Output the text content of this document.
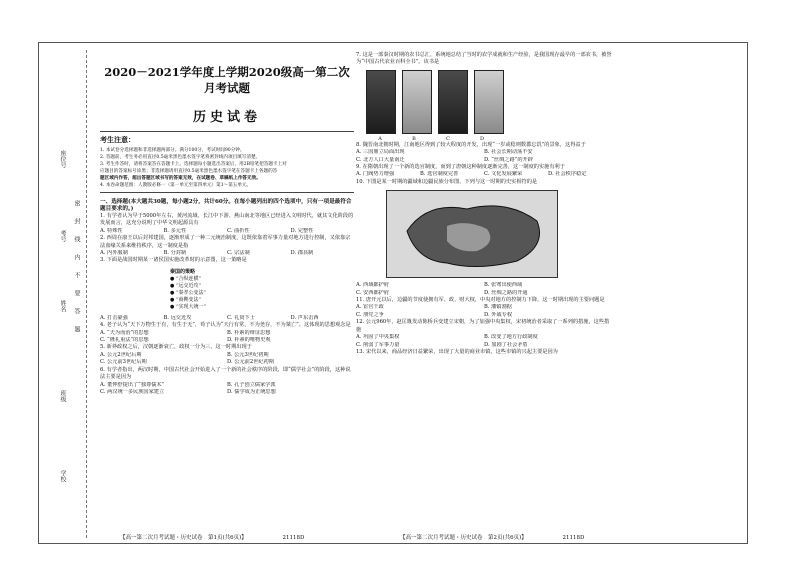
座位号
考号
姓名
班级
学校
密　封　线　内　不　要　答　题
2020－2021学年度上学期2020级高一第二次月考试题
历史试卷
考生注意：
1. 本试卷分选择题和非选择题两部分。满分100分，考试时间90分钟。
2. 答题前，考生务必用直径0.5毫米黑色墨水签字笔将密封线内项目填写清楚。
3. 考生作答时，请将答案答在答题卡上。选择题每小题选出答案后，用2B铅笔把答题卡上对
应题目的答案标号涂黑；非选择题请用直径0.5毫米黑色墨水签字笔在答题卡上各题的答
题区域内作答，超出答题区域书写的答案无效，在试题卷、草稿纸上作答无效。
4. 本卷命题范围：人教版必修一（第一单元至第四单元）第1～第五单元。
一、选择题(本大题共30题，每小题2分，共计60分。在每小题列出的四个选项中，只有一项是最符合题目要求的。)
1. 有学者认为早于5000年左右，黄河流域、长江中下游、燕山南北等地区已经进入文明时代，就其文化阶段的发展而言，这充分说明了中华文明起源具有
A. 特殊性	B. 多元性	C. 曲折性	D. 完整性
2. 西周在康王以后封邦建国，逐渐形成了一种二元统治制度，这既依靠着军事力量对地方进行控制，又依靠宗法血缘关系来维持秩序，这一制度是指
A. 内外服制	B. 分封制	C. 宗法制	D. 郡县制
3. 下面是战国时期某一诸侯国实施改革时的示意图，这一策略是
秦国的策略
● “合纵连横”
● “远交近攻”
● “秦孝公变法”
● “商鞅变法”
● “实现大统一”
A. 打击豪强	B. 远交近攻	C. 礼贤下士	D. 声东击西
4. 老子认为“天下万物生于有，有生于无”，荀子认为“天行有常，不为尧存，不为桀亡”。这体现的思想观念是
A. “天为而治”的思想	B. 朴素的辩证思想
C. “隆礼重法”的思想	D. 朴素的唯物史观
5. 新莽政权之后，汉朝逐渐衰亡，政权一分为三，这一时期出现于
A. 公元2世纪后期	B. 公元3世纪初期
C. 公元前3世纪后期	D. 公元前2世纪初期
6. 有学者指出，两汉时期，中国古代社会开始进入了一个新的社会秩序的阶段，即“儒学社会”的阶段，这种说法主要是因为
A. 董仲舒提出了“独尊儒术”	B. 孔子创立儒家学派
C. 两汉统一多民族国家建立	D. 儒学成为正统思想
7. 这是一部秦汉时期的农书总汇，系统地总结了当时的农学成就和生产经验，是我国现存最早的一部农书，被誉为“中国古代农业百科全书”。该书是
A	B	C	D
8. 魏晋南北朝时期，江南地区得到了较大程度的开发，出现“一岁或稔则数郡忘饥”的景象，这得益于
A. 三国鼎立局面出现	B. 社会长期动荡不安
C. 北方人口大量南迁	D. “丝绸之路”的开辟
9. 在隋朝出现了一个新的选官制度，而到了唐朝这种制度逐渐完善，这一制度的实施有利于
A. 门阀势力增强	B. 选官制度完善	C. 文化发展繁荣	D. 社会秩序稳定
10. 下图是某一时期的疆域和边疆民族分布图，下列与这一时期的史实相符的是
A. 西域都护府	B. 张骞出使西域
C. 安西都护府	D. 丝绸之路的开通
11. 唐开元以后，边疆的节度使拥有军、政、财大权，中央对地方的控制力下降，这一时期出现的主要问题是
A. 宦官干政	B. 藩镇割据
C. 朋党之争	D. 外戚专权
12. 公元960年，赵匡胤发动陈桥兵变建立宋朝，为了加强中央集权，宋初统治者采取了一系列的措施，这些措施
A. 巩固了中央集权	B. 改变了地方行政制度
C. 削弱了军事力量	D. 加剧了社会矛盾
13. 宋代以来，商品经济日益繁荣，出现了大量的商业市镇，这些市镇的兴起主要是因为
【高一第二次月考试题・历史试卷　第1页(共6页)】	21118D	【高一第二次月考试题・历史试卷　第2页(共6页)】	21118D
